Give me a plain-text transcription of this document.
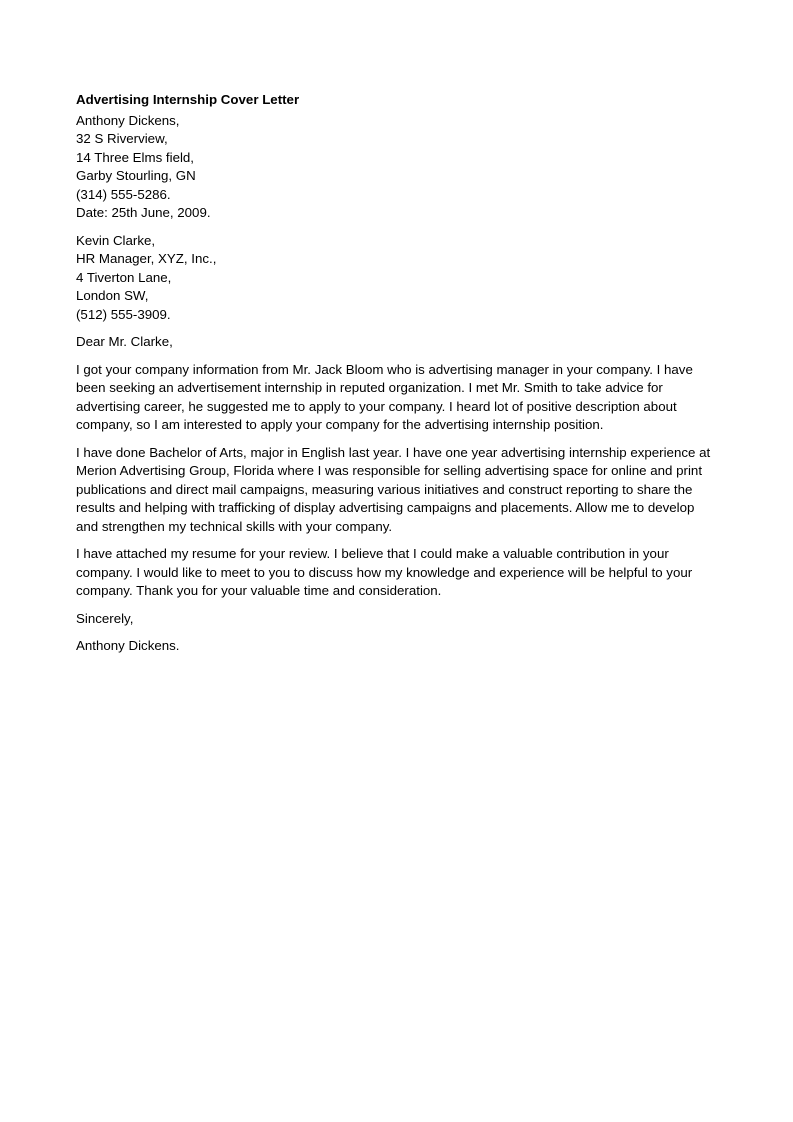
Advertising Internship Cover Letter
Anthony Dickens,
32 S Riverview,
14 Three Elms field,
Garby Stourling, GN
(314) 555-5286.
Date: 25th June, 2009.
Kevin Clarke,
HR Manager, XYZ, Inc.,
4 Tiverton Lane,
London SW,
(512) 555-3909.
Dear Mr. Clarke,
I got your company information from Mr. Jack Bloom who is advertising manager in your company. I have
been seeking an advertisement internship in reputed organization. I met Mr. Smith to take advice for
advertising career, he suggested me to apply to your company. I heard lot of positive description about
company, so I am interested to apply your company for the advertising internship position.
I have done Bachelor of Arts, major in English last year. I have one year advertising internship experience at
Merion Advertising Group, Florida where I was responsible for selling advertising space for online and print
publications and direct mail campaigns, measuring various initiatives and construct reporting to share the
results and helping with trafficking of display advertising campaigns and placements. Allow me to develop
and strengthen my technical skills with your company.
I have attached my resume for your review. I believe that I could make a valuable contribution in your
company. I would like to meet to you to discuss how my knowledge and experience will be helpful to your
company. Thank you for your valuable time and consideration.
Sincerely,
Anthony Dickens.
